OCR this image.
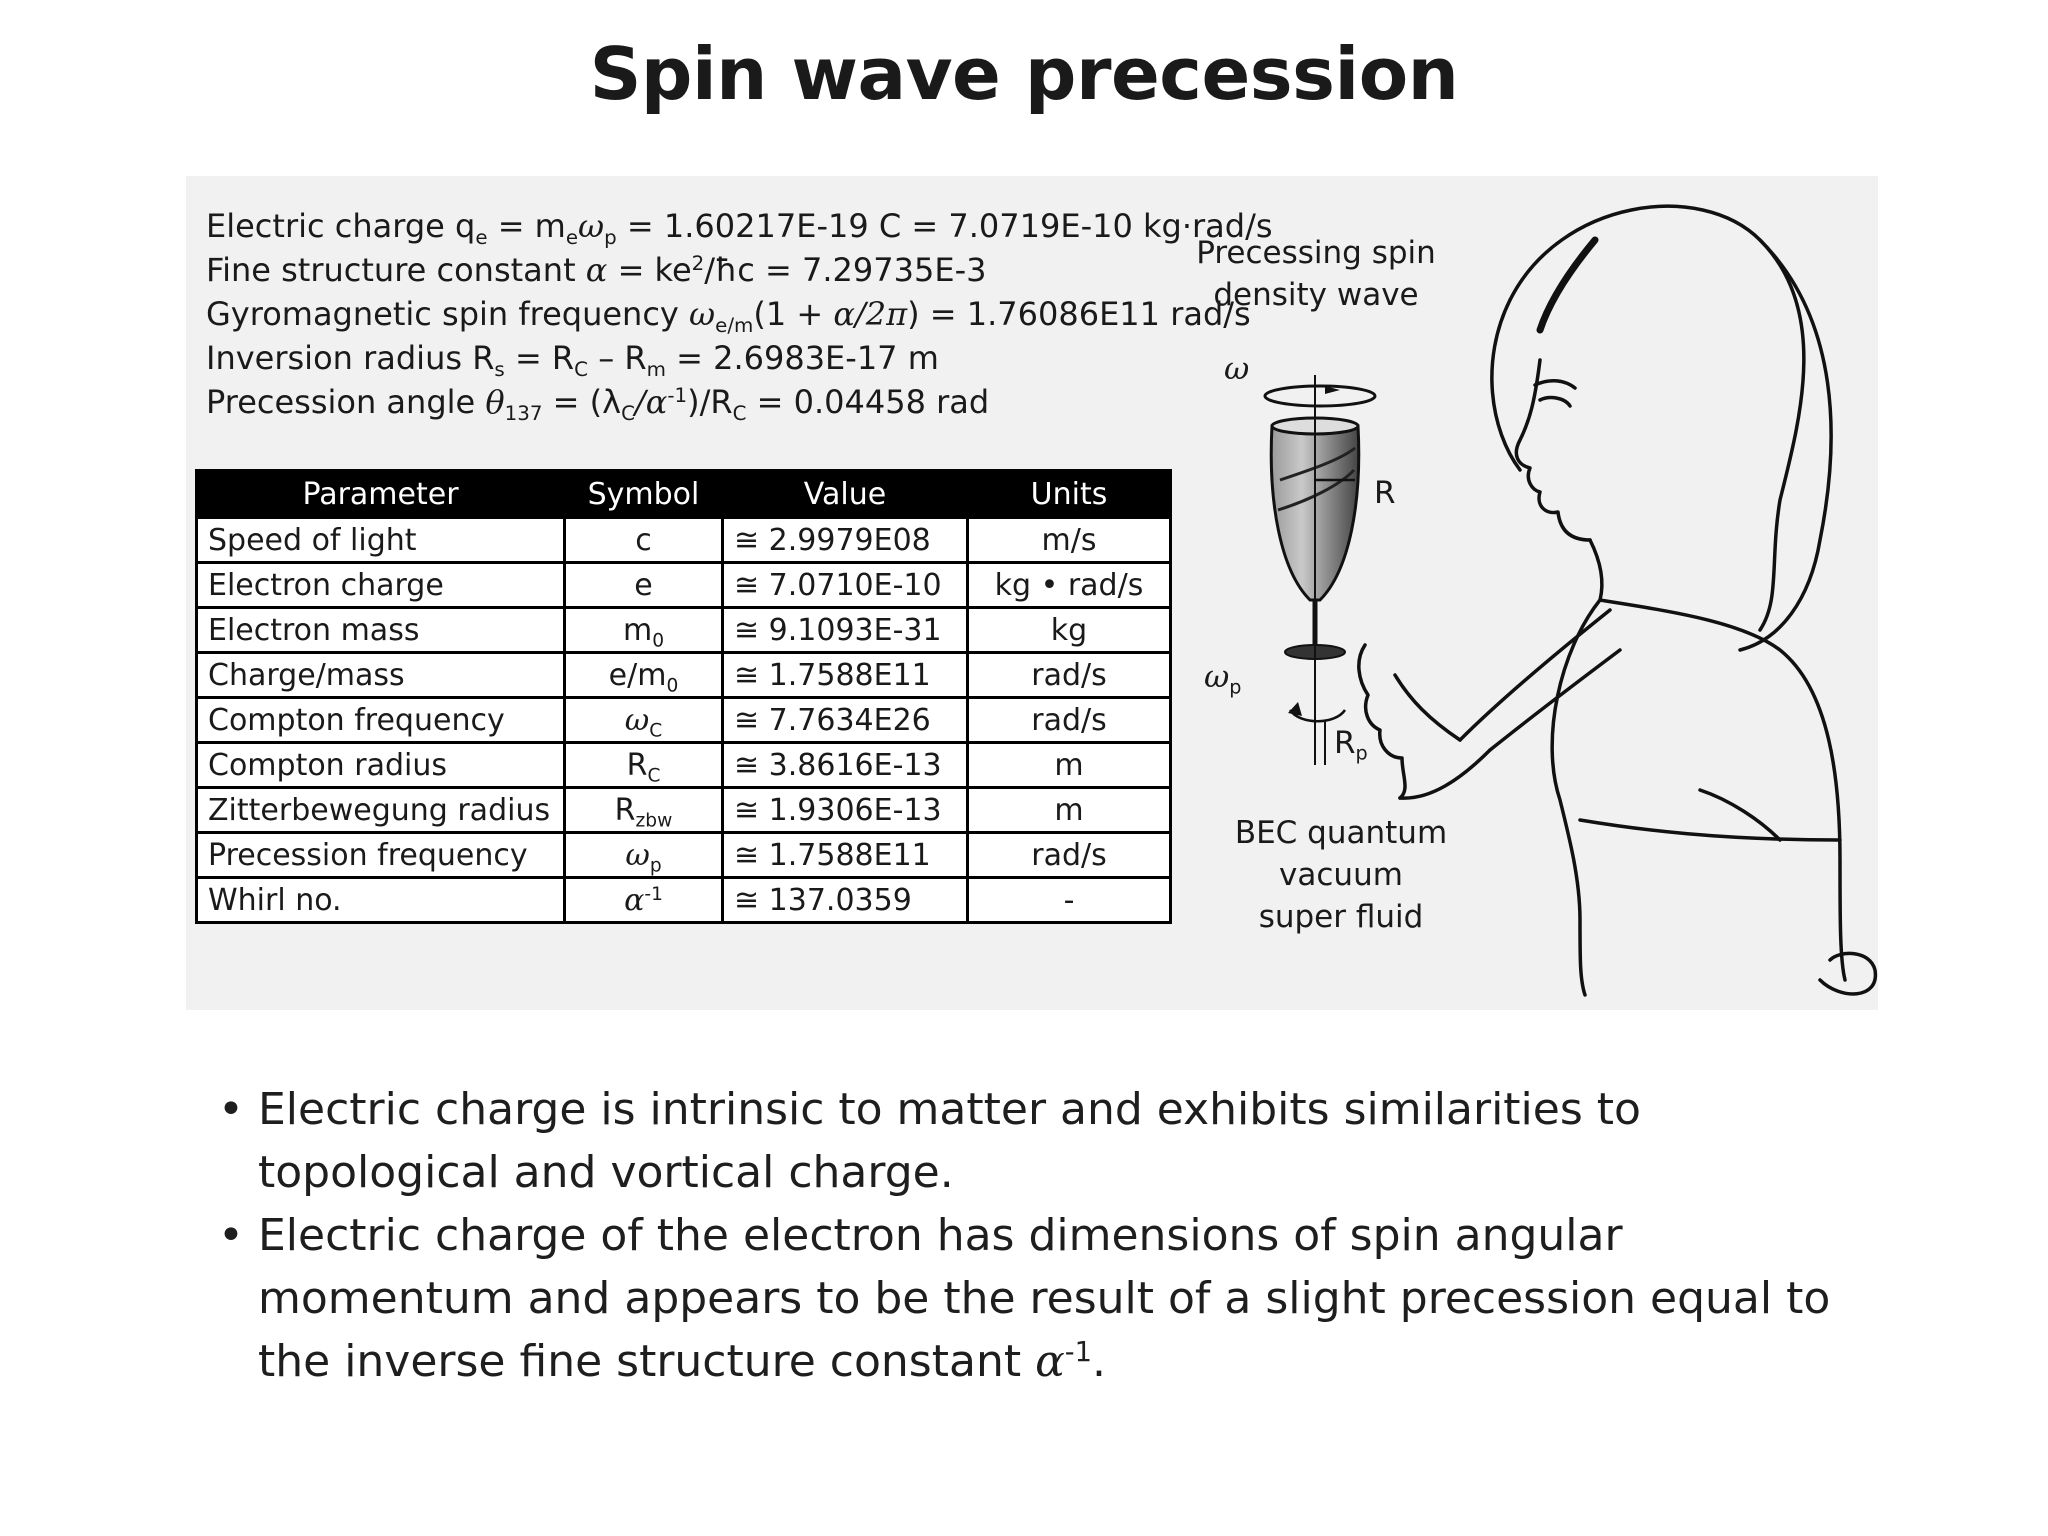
Spin wave precession
Electric charge $q_e = m_e\omega_p = 1.60217E-19$ C = 7.0719E-10 kg·rad/s
Fine structure constant $\alpha = ke^2/ħc = 7.29735E-3$
Gyromagnetic spin frequency $\omega_{e/m}(1 + \alpha/2\pi) = 1.76086E11$ rad/s
Inversion radius $R_s = R_C - R_m = 2.6983E-17$ m
Precession angle $\theta_{137} = (\lambda_C/\alpha^{-1})/R_C = 0.04458$ rad
Parameter	Symbol	Value	Units
Speed of light	c	≅ 2.9979E08	m/s
Electron charge	e	≅ 7.0710E-10	kg • rad/s
Electron mass	$m_0$	≅ 9.1093E-31	kg
Charge/mass	$e/m_0$	≅ 1.7588E11	rad/s
Compton frequency	$\omega_C$	≅ 7.7634E26	rad/s
Compton radius	$R_C$	≅ 3.8616E-13	m
Zitterbewegung radius	$R_{zbw}$	≅ 1.9306E-13	m
Precession frequency	$\omega_p$	≅ 1.7588E11	rad/s
Whirl no.	$\alpha^{-1}$	≅ 137.0359	-
Precessing spin
density wave
ω
R
$\omega_p$
$R_p$
BEC quantum vacuum
super fluid
• Electric charge is intrinsic to matter and exhibits similarities to topological and vortical charge.
• Electric charge of the electron has dimensions of spin angular momentum and appears to be the result of a slight precession equal to the inverse fine structure constant $\alpha^{-1}$.
